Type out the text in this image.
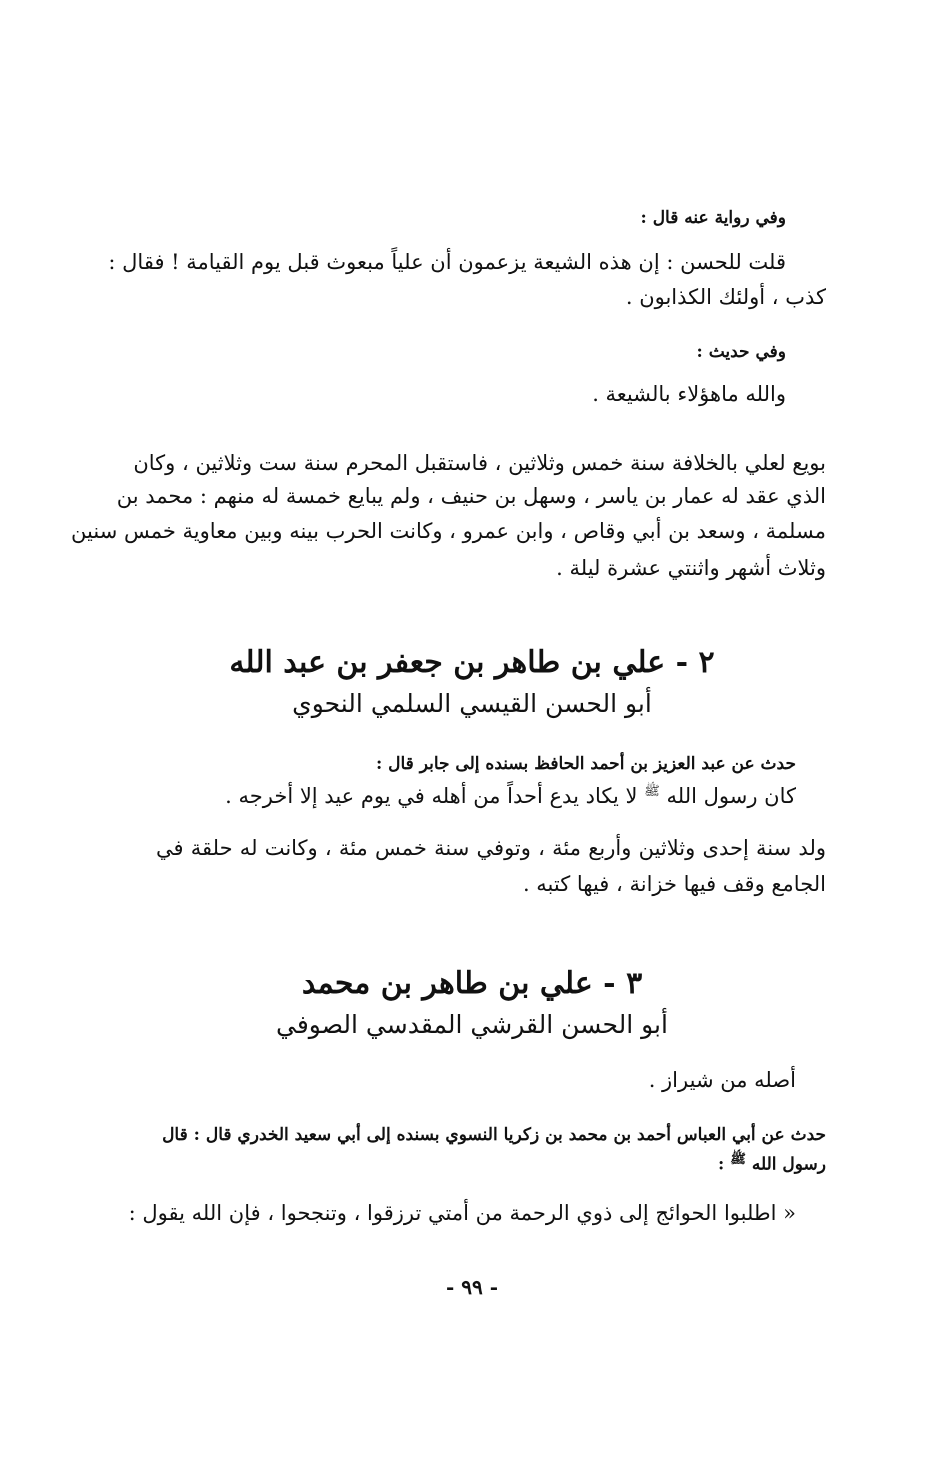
وفي رواية عنه قال :
قلت للحسن : إن هذه الشيعة يزعمون أن علياً مبعوث قبل يوم القيامة ! فقال :
كذب ، أولئك الكذابون .
وفي حديث :
والله ماهؤلاء بالشيعة .
بويع لعلي بالخلافة سنة خمس وثلاثين ، فاستقبل المحرم سنة ست وثلاثين ، وكان
الذي عقد له عمار بن ياسر ، وسهل بن حنيف ، ولم يبايع خمسة له منهم : محمد بن
مسلمة ، وسعد بن أبي وقاص ، وابن عمرو ، وكانت الحرب بينه وبين معاوية خمس سنين
وثلاث أشهر واثنتي عشرة ليلة .
٢ - علي بن طاهر بن جعفر بن عبد الله
أبو الحسن القيسي السلمي النحوي
حدث عن عبد العزيز بن أحمد الحافظ بسنده إلى جابر قال :
كان رسول الله $^ﷺ$ لا يكاد يدع أحداً من أهله في يوم عيد إلا أخرجه .
ولد سنة إحدى وثلاثين وأربع مئة ، وتوفي سنة خمس مئة ، وكانت له حلقة في
الجامع وقف فيها خزانة ، فيها كتبه .
٣ - علي بن طاهر بن محمد
أبو الحسن القرشي المقدسي الصوفي
أصله من شيراز .
حدث عن أبي العباس أحمد بن محمد بن زكريا النسوي بسنده إلى أبي سعيد الخدري قال : قال
رسول الله $^ﷺ$ :
« اطلبوا الحوائج إلى ذوي الرحمة من أمتي ترزقوا ، وتنجحوا ، فإن الله يقول :
- ٩٩ -
